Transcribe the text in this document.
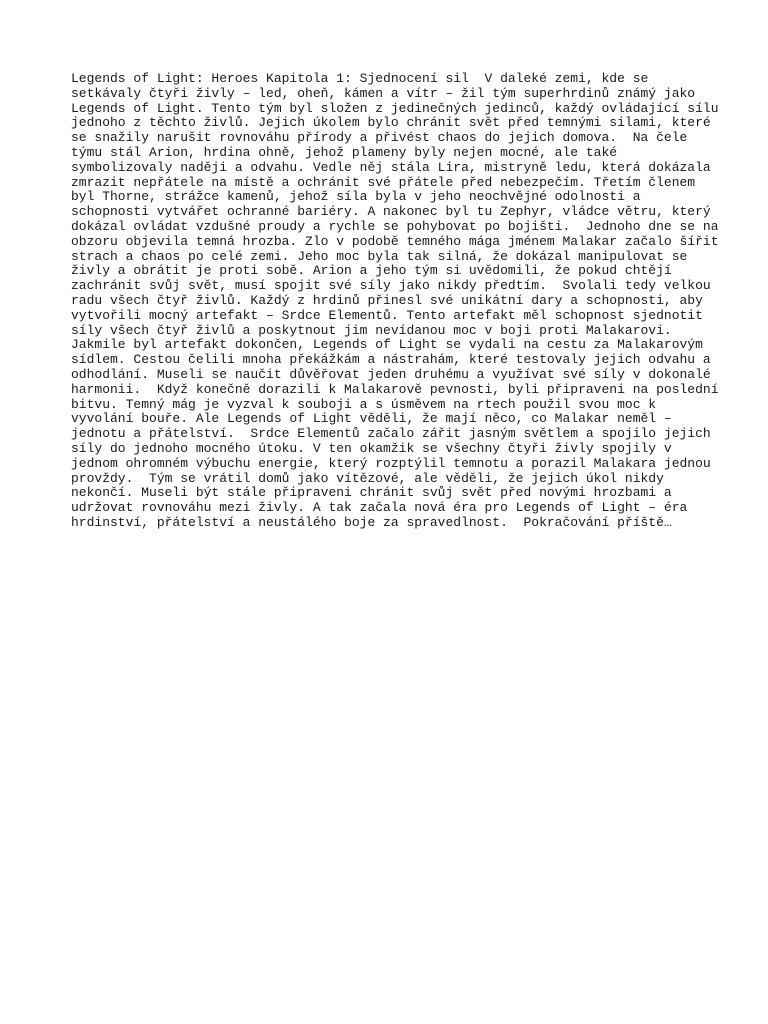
Legends of Light: Heroes Kapitola 1: Sjednocení sil  V daleké zemi, kde se
setkávaly čtyři živly – led, oheň, kámen a vítr – žil tým superhrdinů známý jako
Legends of Light. Tento tým byl složen z jedinečných jedinců, každý ovládající sílu
jednoho z těchto živlů. Jejich úkolem bylo chránit svět před temnými silami, které
se snažily narušit rovnováhu přírody a přivést chaos do jejich domova.  Na čele
týmu stál Arion, hrdina ohně, jehož plameny byly nejen mocné, ale také
symbolizovaly naději a odvahu. Vedle něj stála Lira, mistryně ledu, která dokázala
zmrazit nepřátele na místě a ochránit své přátele před nebezpečím. Třetím členem
byl Thorne, strážce kamenů, jehož síla byla v jeho neochvějné odolnosti a
schopnosti vytvářet ochranné bariéry. A nakonec byl tu Zephyr, vládce větru, který
dokázal ovládat vzdušné proudy a rychle se pohybovat po bojišti.  Jednoho dne se na
obzoru objevila temná hrozba. Zlo v podobě temného mága jménem Malakar začalo šířit
strach a chaos po celé zemi. Jeho moc byla tak silná, že dokázal manipulovat se
živly a obrátit je proti sobě. Arion a jeho tým si uvědomili, že pokud chtějí
zachránit svůj svět, musí spojit své síly jako nikdy předtím.  Svolali tedy velkou
radu všech čtyř živlů. Každý z hrdinů přinesl své unikátní dary a schopnosti, aby
vytvořili mocný artefakt – Srdce Elementů. Tento artefakt měl schopnost sjednotit
síly všech čtyř živlů a poskytnout jim nevídanou moc v boji proti Malakarovi.
Jakmile byl artefakt dokončen, Legends of Light se vydali na cestu za Malakarovým
sídlem. Cestou čelili mnoha překážkám a nástrahám, které testovaly jejich odvahu a
odhodlání. Museli se naučit důvěřovat jeden druhému a využívat své síly v dokonalé
harmonii.  Když konečně dorazili k Malakarově pevnosti, byli připraveni na poslední
bitvu. Temný mág je vyzval k souboji a s úsměvem na rtech použil svou moc k
vyvolání bouře. Ale Legends of Light věděli, že mají něco, co Malakar neměl –
jednotu a přátelství.  Srdce Elementů začalo zářit jasným světlem a spojilo jejich
síly do jednoho mocného útoku. V ten okamžik se všechny čtyři živly spojily v
jednom ohromném výbuchu energie, který rozptýlil temnotu a porazil Malakara jednou
provždy.  Tým se vrátil domů jako vítězové, ale věděli, že jejich úkol nikdy
nekončí. Museli být stále připraveni chránit svůj svět před novými hrozbami a
udržovat rovnováhu mezi živly. A tak začala nová éra pro Legends of Light – éra
hrdinství, přátelství a neustálého boje za spravedlnost.  Pokračování příště…
